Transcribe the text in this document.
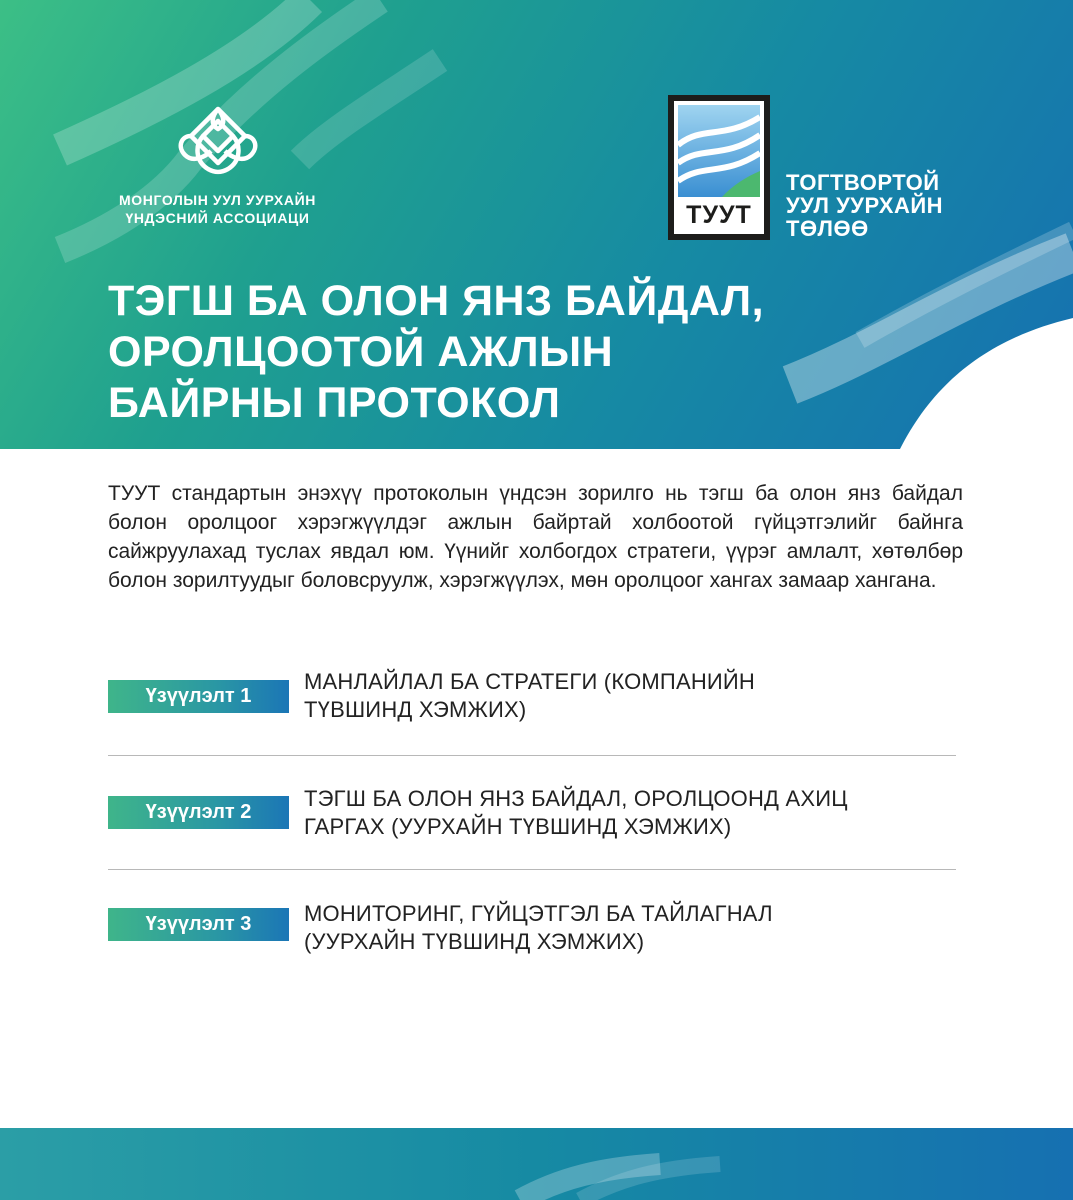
МОНГОЛЫН УУЛ УУРХАЙН
ҮНДЭСНИЙ АССОЦИАЦИ	ТУУТ
ТОГТВОРТОЙ
УУЛ УУРХАЙН
ТӨЛӨӨ
ТЭГШ БА ОЛОН ЯНЗ БАЙДАЛ,
ОРОЛЦООТОЙ АЖЛЫН
БАЙРНЫ ПРОТОКОЛ

ТУУТ стандартын энэхүү протоколын үндсэн зорилго нь тэгш ба олон янз байдал болон оролцоог хэрэгжүүлдэг ажлын байртай холбоотой гүйцэтгэлийг байнга сайжруулахад туслах явдал юм. Үүнийг холбогдох стратеги, үүрэг амлалт, хөтөлбөр болон зорилтуудыг боловсруулж, хэрэгжүүлэх, мөн оролцоог хангах замаар хангана.

Үзүүлэлт 1
МАНЛАЙЛАЛ БА СТРАТЕГИ (КОМПАНИЙН
ТҮВШИНД ХЭМЖИХ)
Үзүүлэлт 2
ТЭГШ БА ОЛОН ЯНЗ БАЙДАЛ, ОРОЛЦООНД АХИЦ
ГАРГАХ (УУРХАЙН ТҮВШИНД ХЭМЖИХ)
Үзүүлэлт 3	МОНИТОРИНГ, ГҮЙЦЭТГЭЛ БА ТАЙЛАГНАЛ
(УУРХАЙН ТҮВШИНД ХЭМЖИХ)
